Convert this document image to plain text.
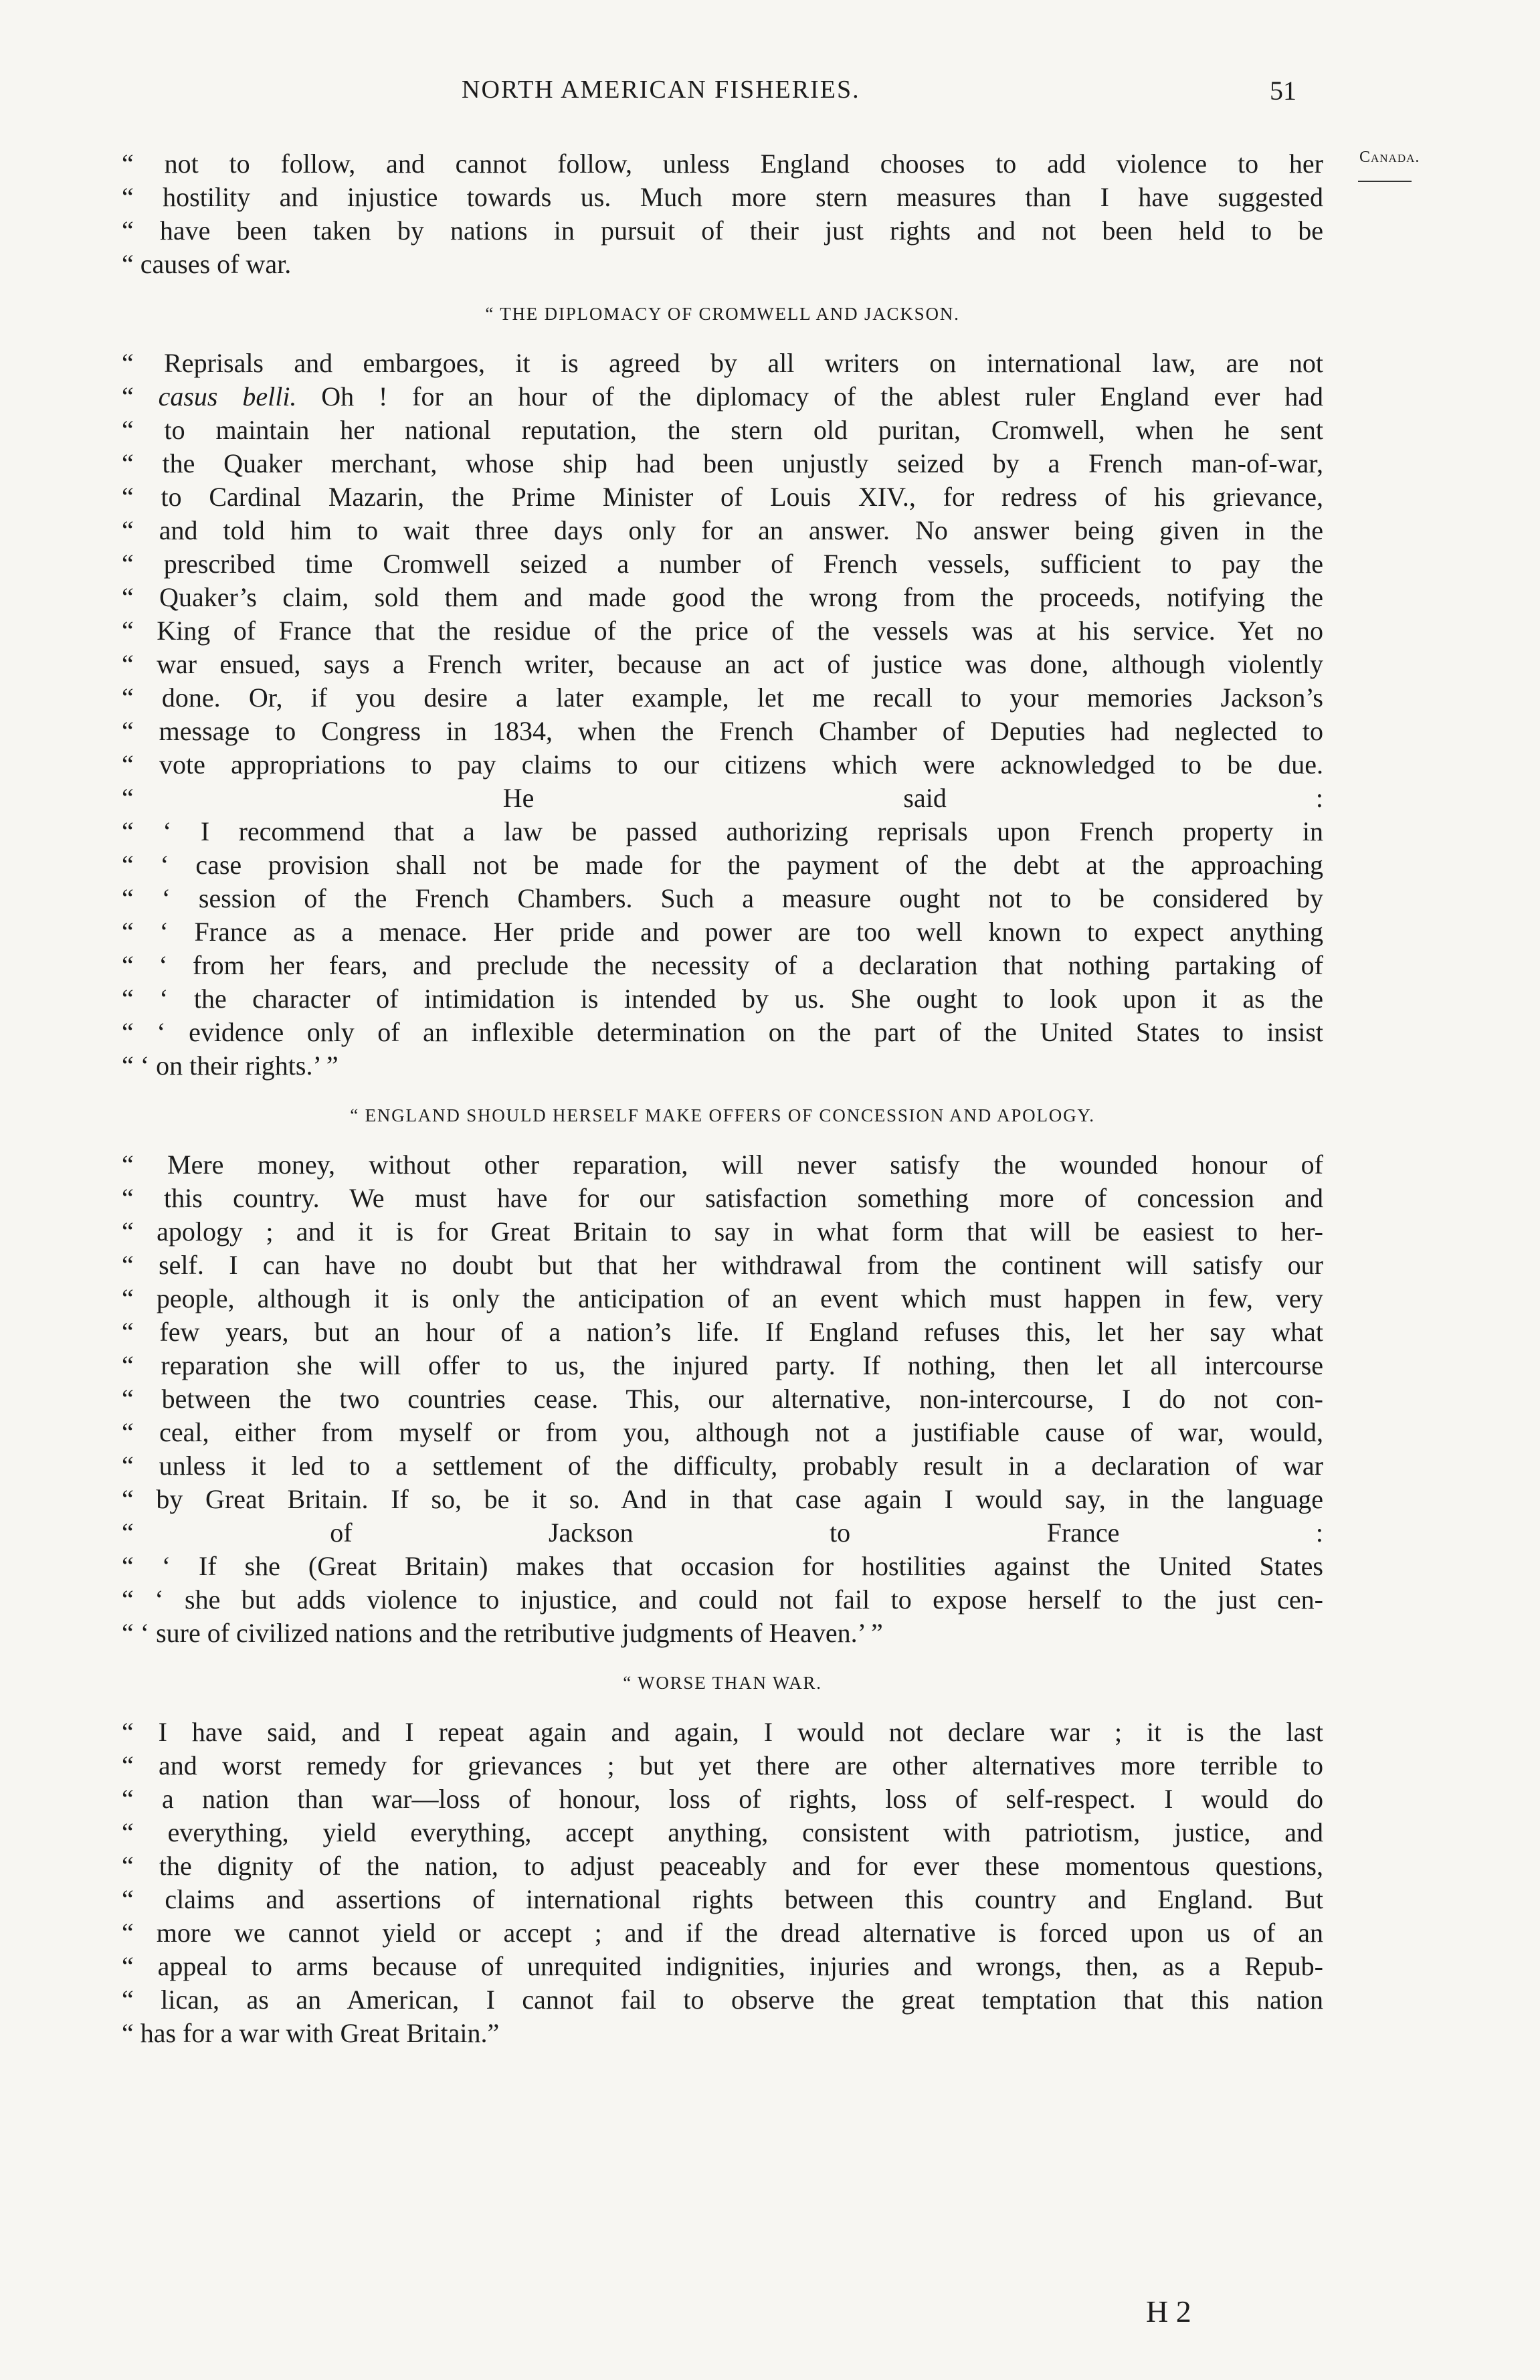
NORTH AMERICAN FISHERIES.	51
Canada.
“ not to follow, and cannot follow, unless England chooses to add violence to her
“ hostility and injustice towards us. Much more stern measures than I have suggested
“ have been taken by nations in pursuit of their just rights and not been held to be
“ causes of war.
“ THE DIPLOMACY OF CROMWELL AND JACKSON.
“ Reprisals and embargoes, it is agreed by all writers on international law, are not
“ casus belli. Oh ! for an hour of the diplomacy of the ablest ruler England ever had
“ to maintain her national reputation, the stern old puritan, Cromwell, when he sent
“ the Quaker merchant, whose ship had been unjustly seized by a French man-of-war,
“ to Cardinal Mazarin, the Prime Minister of Louis XIV., for redress of his grievance,
“ and told him to wait three days only for an answer. No answer being given in the
“ prescribed time Cromwell seized a number of French vessels, sufficient to pay the
“ Quaker’s claim, sold them and made good the wrong from the proceeds, notifying the
“ King of France that the residue of the price of the vessels was at his service. Yet no
“ war ensued, says a French writer, because an act of justice was done, although violently
“ done. Or, if you desire a later example, let me recall to your memories Jackson’s
“ message to Congress in 1834, when the French Chamber of Deputies had neglected to
“ vote appropriations to pay claims to our citizens which were acknowledged to be due.
“ He said :
“ ‘ I recommend that a law be passed authorizing reprisals upon French property in
“ ‘ case provision shall not be made for the payment of the debt at the approaching
“ ‘ session of the French Chambers. Such a measure ought not to be considered by
“ ‘ France as a menace. Her pride and power are too well known to expect anything
“ ‘ from her fears, and preclude the necessity of a declaration that nothing partaking of
“ ‘ the character of intimidation is intended by us. She ought to look upon it as the
“ ‘ evidence only of an inflexible determination on the part of the United States to insist
“ ‘ on their rights.’ ”
“ ENGLAND SHOULD HERSELF MAKE OFFERS OF CONCESSION AND APOLOGY.
“ Mere money, without other reparation, will never satisfy the wounded honour of
“ this country. We must have for our satisfaction something more of concession and
“ apology ; and it is for Great Britain to say in what form that will be easiest to her-
“ self. I can have no doubt but that her withdrawal from the continent will satisfy our
“ people, although it is only the anticipation of an event which must happen in few, very
“ few years, but an hour of a nation’s life. If England refuses this, let her say what
“ reparation she will offer to us, the injured party. If nothing, then let all intercourse
“ between the two countries cease. This, our alternative, non-intercourse, I do not con-
“ ceal, either from myself or from you, although not a justifiable cause of war, would,
“ unless it led to a settlement of the difficulty, probably result in a declaration of war
“ by Great Britain. If so, be it so. And in that case again I would say, in the language
“ of Jackson to France :
“ ‘ If she (Great Britain) makes that occasion for hostilities against the United States
“ ‘ she but adds violence to injustice, and could not fail to expose herself to the just cen-
“ ‘ sure of civilized nations and the retributive judgments of Heaven.’ ”
“ WORSE THAN WAR.
“ I have said, and I repeat again and again, I would not declare war ; it is the last
“ and worst remedy for grievances ; but yet there are other alternatives more terrible to
“ a nation than war—loss of honour, loss of rights, loss of self-respect. I would do
“ everything, yield everything, accept anything, consistent with patriotism, justice, and
“ the dignity of the nation, to adjust peaceably and for ever these momentous questions,
“ claims and assertions of international rights between this country and England. But
“ more we cannot yield or accept ; and if the dread alternative is forced upon us of an
“ appeal to arms because of unrequited indignities, injuries and wrongs, then, as a Repub-
“ lican, as an American, I cannot fail to observe the great temptation that this nation
“ has for a war with Great Britain.”
H 2
